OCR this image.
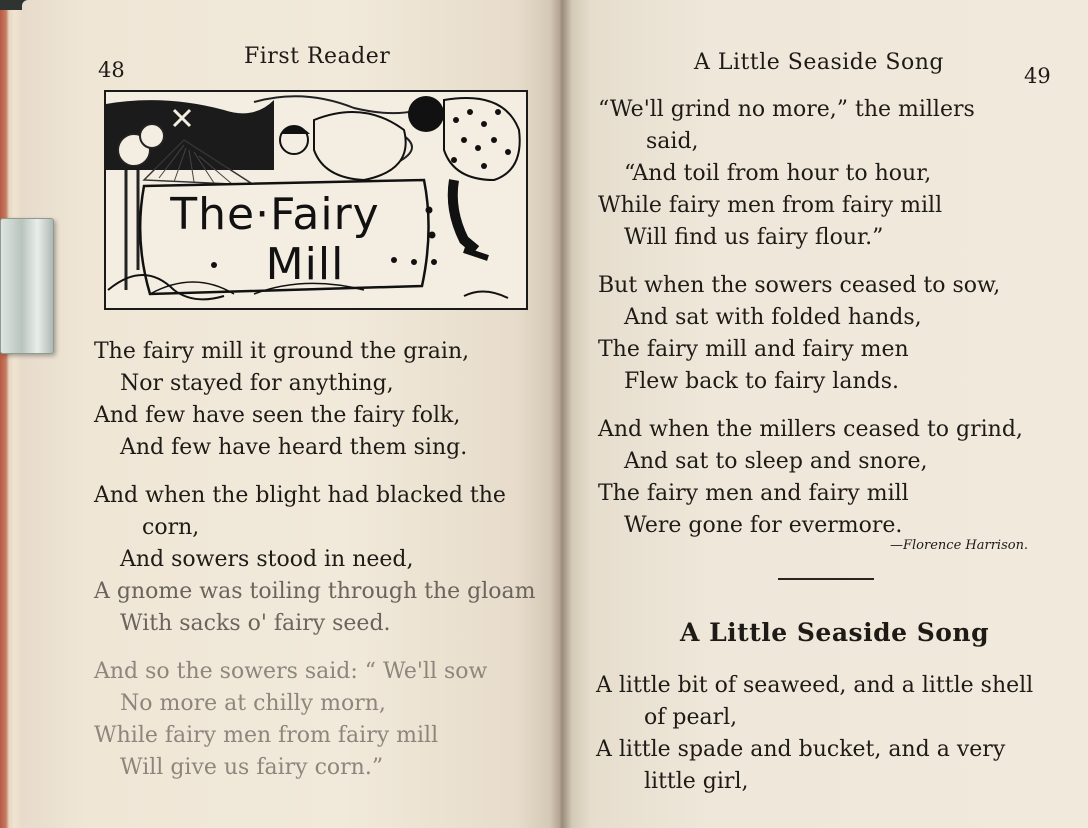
48
First Reader
The·Fairy
Mill
The fairy mill it ground the grain,
Nor stayed for anything,
And few have seen the fairy folk,
And few have heard them sing.
And when the blight had blacked the
corn,
And sowers stood in need,
A gnome was toiling through the gloam
With sacks o' fairy seed.
And so the sowers said: “ We'll sow
No more at chilly morn,
While fairy men from fairy mill
Will give us fairy corn.”
A Little Seaside Song
49
“We'll grind no more,” the millers
said,
“And toil from hour to hour,
While fairy men from fairy mill
Will find us fairy flour.”
But when the sowers ceased to sow,
And sat with folded hands,
The fairy mill and fairy men
Flew back to fairy lands.
And when the millers ceased to grind,
And sat to sleep and snore,
The fairy men and fairy mill
Were gone for evermore.
—Florence Harrison.
A Little Seaside Song
A little bit of seaweed, and a little shell
of pearl,
A little spade and bucket, and a very
little girl,
